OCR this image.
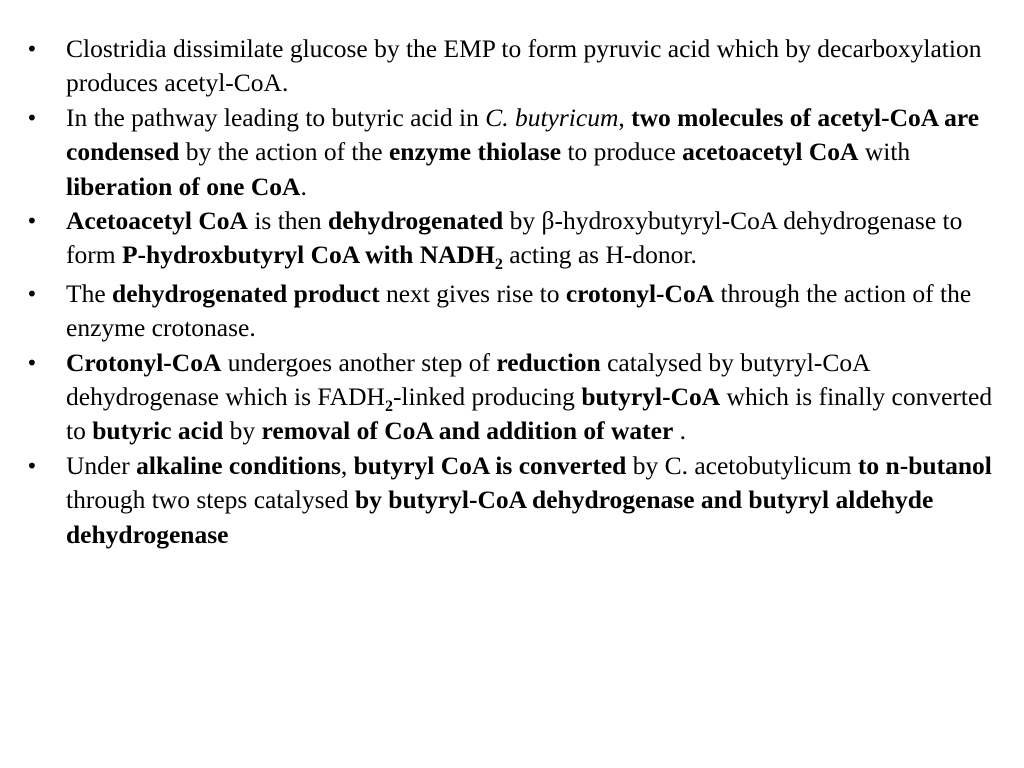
•	Clostridia dissimilate glucose by the EMP to form pyruvic acid which by decarboxylation produces acetyl-CoA.
•	In the pathway leading to butyric acid in C. butyricum, two molecules of acetyl-CoA are condensed by the action of the enzyme thiolase to produce acetoacetyl CoA with liberation of one CoA.
•	Acetoacetyl CoA is then dehydrogenated by β-hydroxybutyryl-CoA dehydrogenase to form P-hydroxbutyryl CoA with $NADH_2$ acting as H-donor.
•	The dehydrogenated product next gives rise to crotonyl-CoA through the action of the enzyme crotonase.
•	Crotonyl-CoA undergoes another step of reduction catalysed by butyryl-CoA dehydrogenase which is $FADH_2$-linked producing butyryl-CoA which is finally converted to butyric acid by removal of CoA and addition of water .
•	Under alkaline conditions, butyryl CoA is converted by C. acetobutylicum to n-butanol through two steps catalysed by butyryl-CoA dehydrogenase and butyryl aldehyde dehydrogenase
